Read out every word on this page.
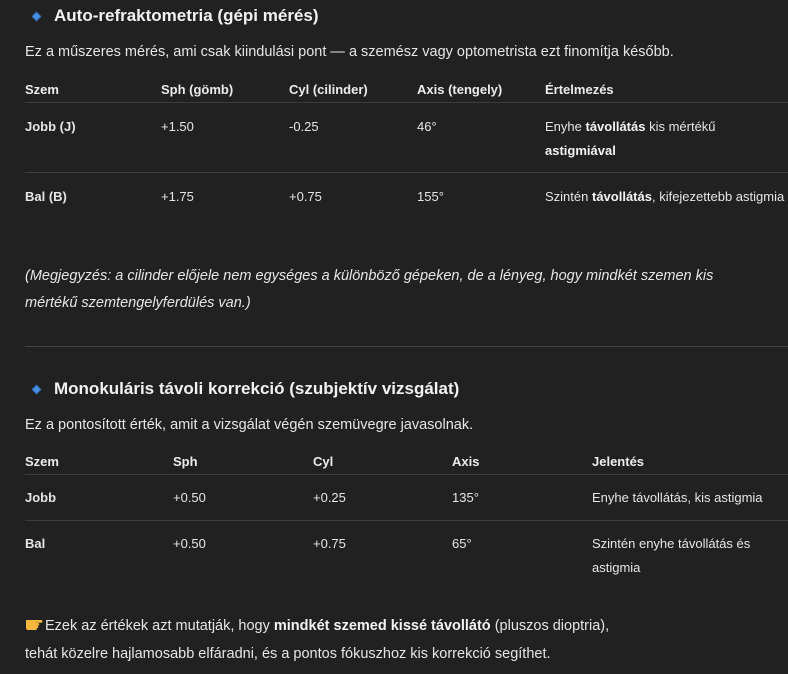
Auto-refraktometria (gépi mérés)
Ez a műszeres mérés, ami csak kiindulási pont — a szemész vagy optometrista ezt finomítja később.
Szem	Sph (gömb)	Cyl (cilinder)	Axis (tengely)	Értelmezés
Jobb (J)	+1.50	-0.25	46°	Enyhe távollátás kis mértékű astigmiával
Bal (B)	+1.75	+0.75	155°	Szintén távollátás, kifejezettebb astigmia
(Megjegyzés: a cilinder előjele nem egységes a különböző gépeken, de a lényeg, hogy mindkét szemen kis mértékű szemtengelyferdülés van.)
Monokuláris távoli korrekció (szubjektív vizsgálat)
Ez a pontosított érték, amit a vizsgálat végén szemüvegre javasolnak.
Szem	Sph	Cyl	Axis	Jelentés
Jobb	+0.50	+0.25	135°	Enyhe távollátás, kis astigmia
Bal	+0.50	+0.75	65°	Szintén enyhe távollátás és astigmia
Ezek az értékek azt mutatják, hogy mindkét szemed kissé távollátó (pluszos dioptria),
tehát közelre hajlamosabb elfáradni, és a pontos fókuszhoz kis korrekció segíthet.
